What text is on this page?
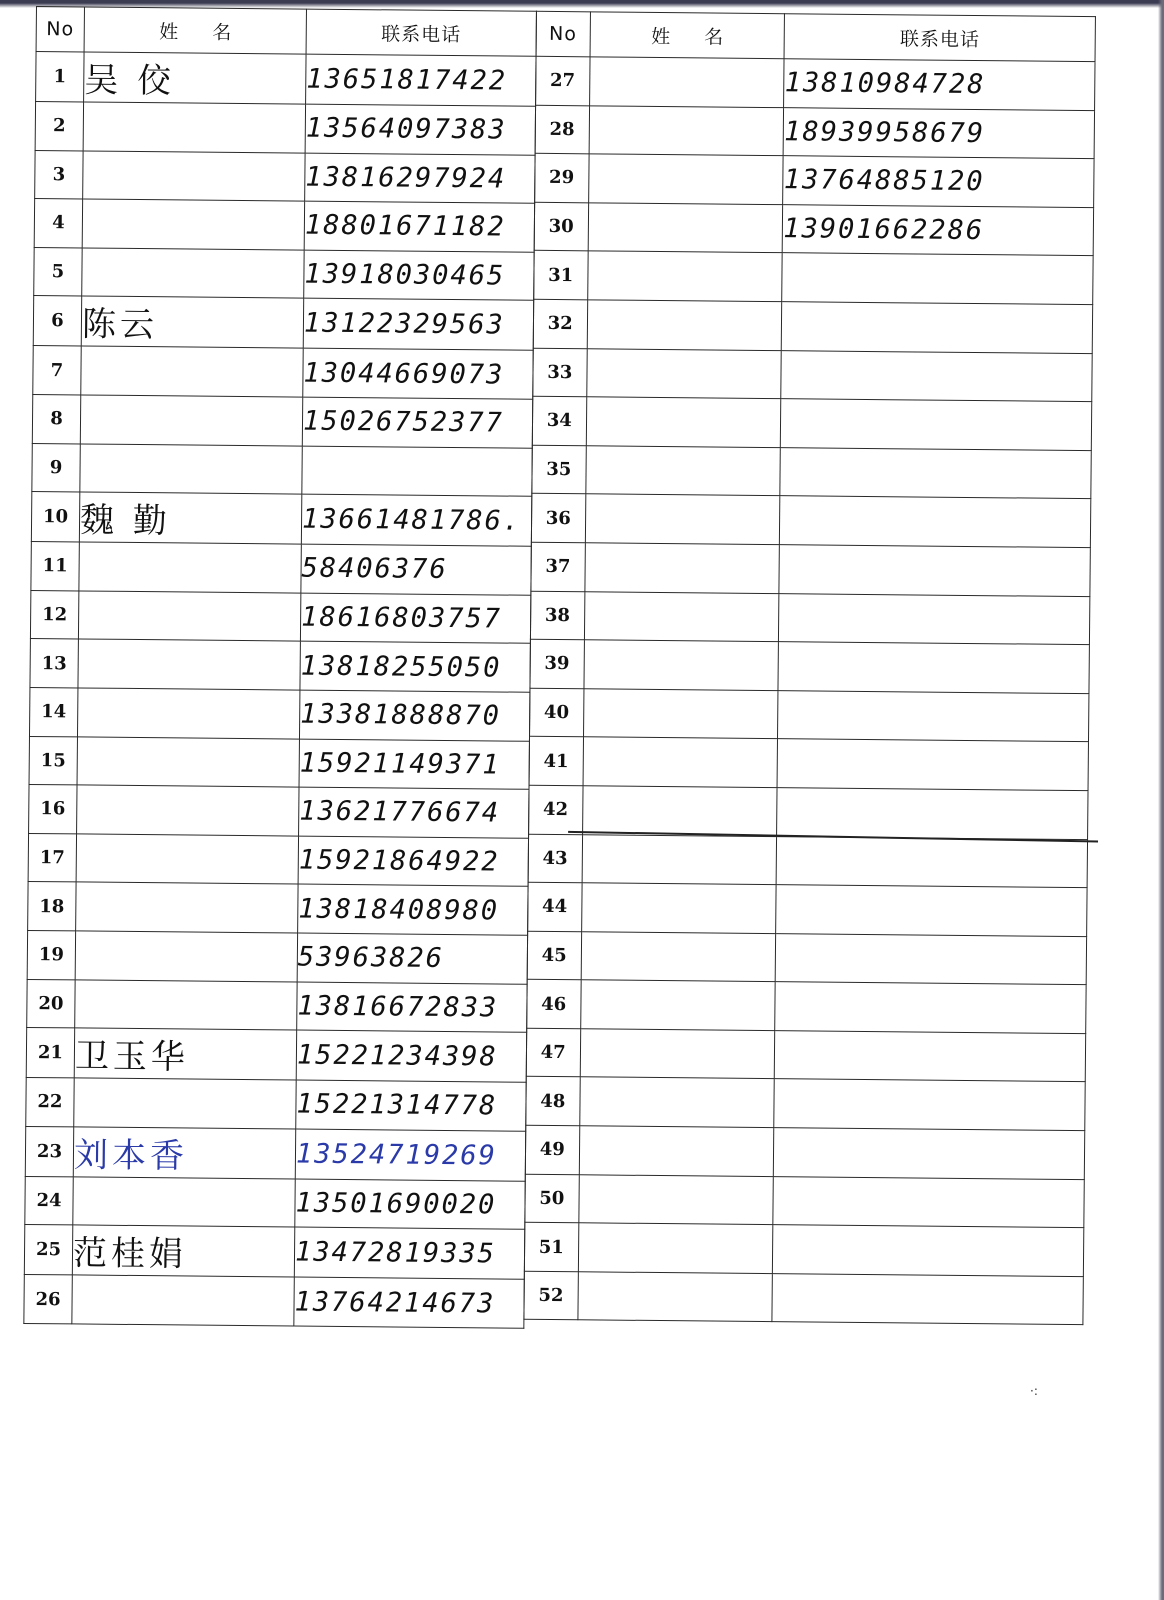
No	姓 名	联系电话
1	吴 佼	13651817422
2		13564097383
3		13816297924
4		18801671182
5		13918030465
6	陈云	13122329563
7		13044669073
8		15026752377
9		
10	魏 勤	13661481786.
11		58406376
12		18616803757
13		13818255050
14		13381888870
15		15921149371
16		13621776674
17		15921864922
18		13818408980
19		53963826
20		13816672833
21	卫玉华	15221234398
22		15221314778
23	刘本香	13524719269
24		13501690020
25	范桂娟	13472819335
26		13764214673
No	姓 名	联系电话
27		13810984728
28		18939958679
29		13764885120
30		13901662286
31		
32		
33		
34		
35		
36		
37		
38		
39		
40		
41		
42		
43		
44		
45		
46		
47		
48		
49		
50		
51		
52		
·:
